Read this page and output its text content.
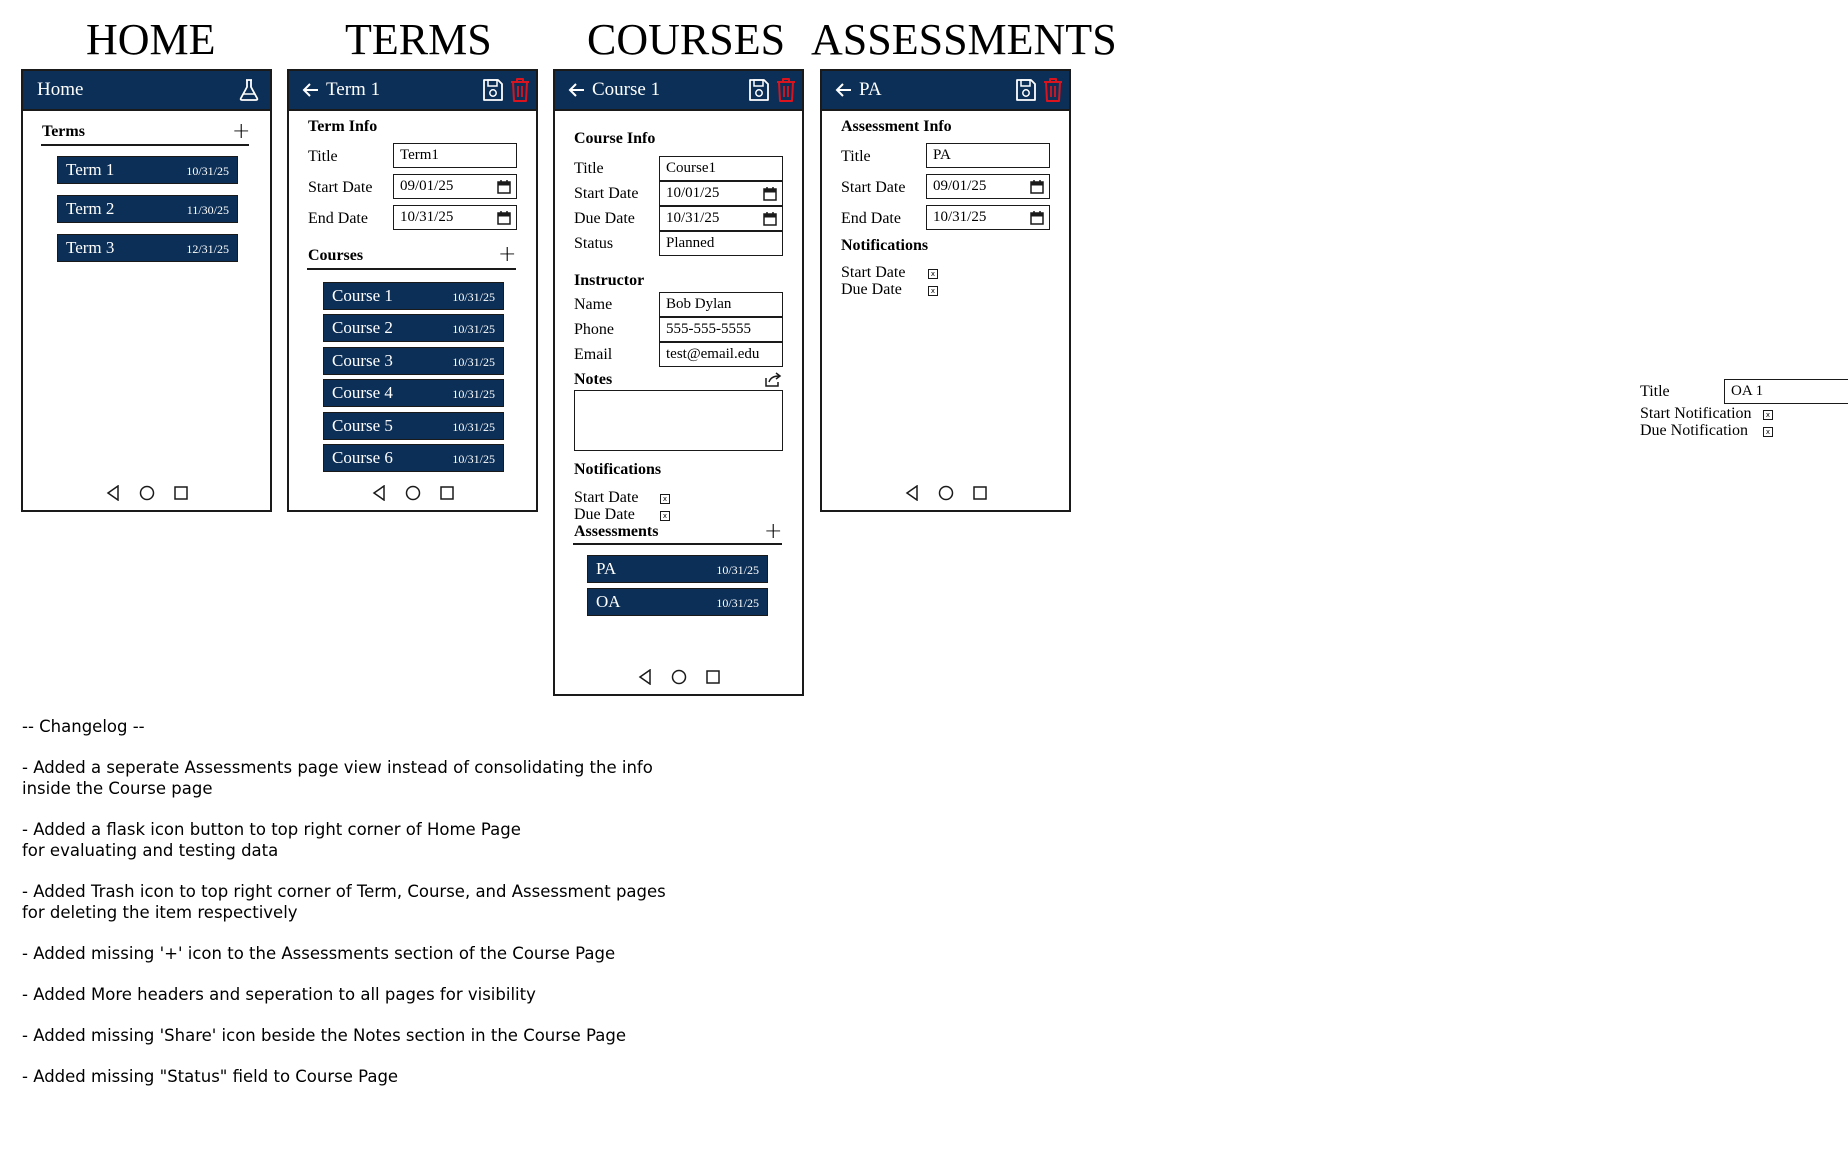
HOME	TERMS COURSES ASSESSMENTS
Home
Terms	+
Term 1	10/31/25
Term 2	11/30/25
Term 3	12/31/25
Term 1
Term Info
Title	Term1
Start Date	09/01/25
End Date	10/31/25
Courses	+
Course 1	10/31/25
Course 2	10/31/25
Course 3	10/31/25
Course 4	10/31/25
Course 5	10/31/25
Course 6	10/31/25
Course 1
Course Info
Title	Course1
Start Date	10/01/25
Due Date	10/31/25
Status	Planned
Instructor
Name	Bob Dylan
Phone	555-555-5555
Email	test@email.edu
Notes
Notifications
Start Date	x
Due Date	x
Assessments	+
PA	10/31/25
OA	10/31/25
PA
Assessment Info
Title	PA
Start Date	09/01/25
End Date	10/31/25
Notifications
Start Date	x
Due Date	x
Title	OA 1
Start Notification	x
Due Notification	x
-- Changelog --
- Added a seperate Assessments page view instead of consolidating the info
inside the Course page
- Added a flask icon button to top right corner of Home Page
for evaluating and testing data
- Added Trash icon to top right corner of Term, Course, and Assessment pages
for deleting the item respectively
- Added missing '+' icon to the Assessments section of the Course Page
- Added More headers and seperation to all pages for visibility
- Added missing 'Share' icon beside the Notes section in the Course Page
- Added missing "Status" field to Course Page
